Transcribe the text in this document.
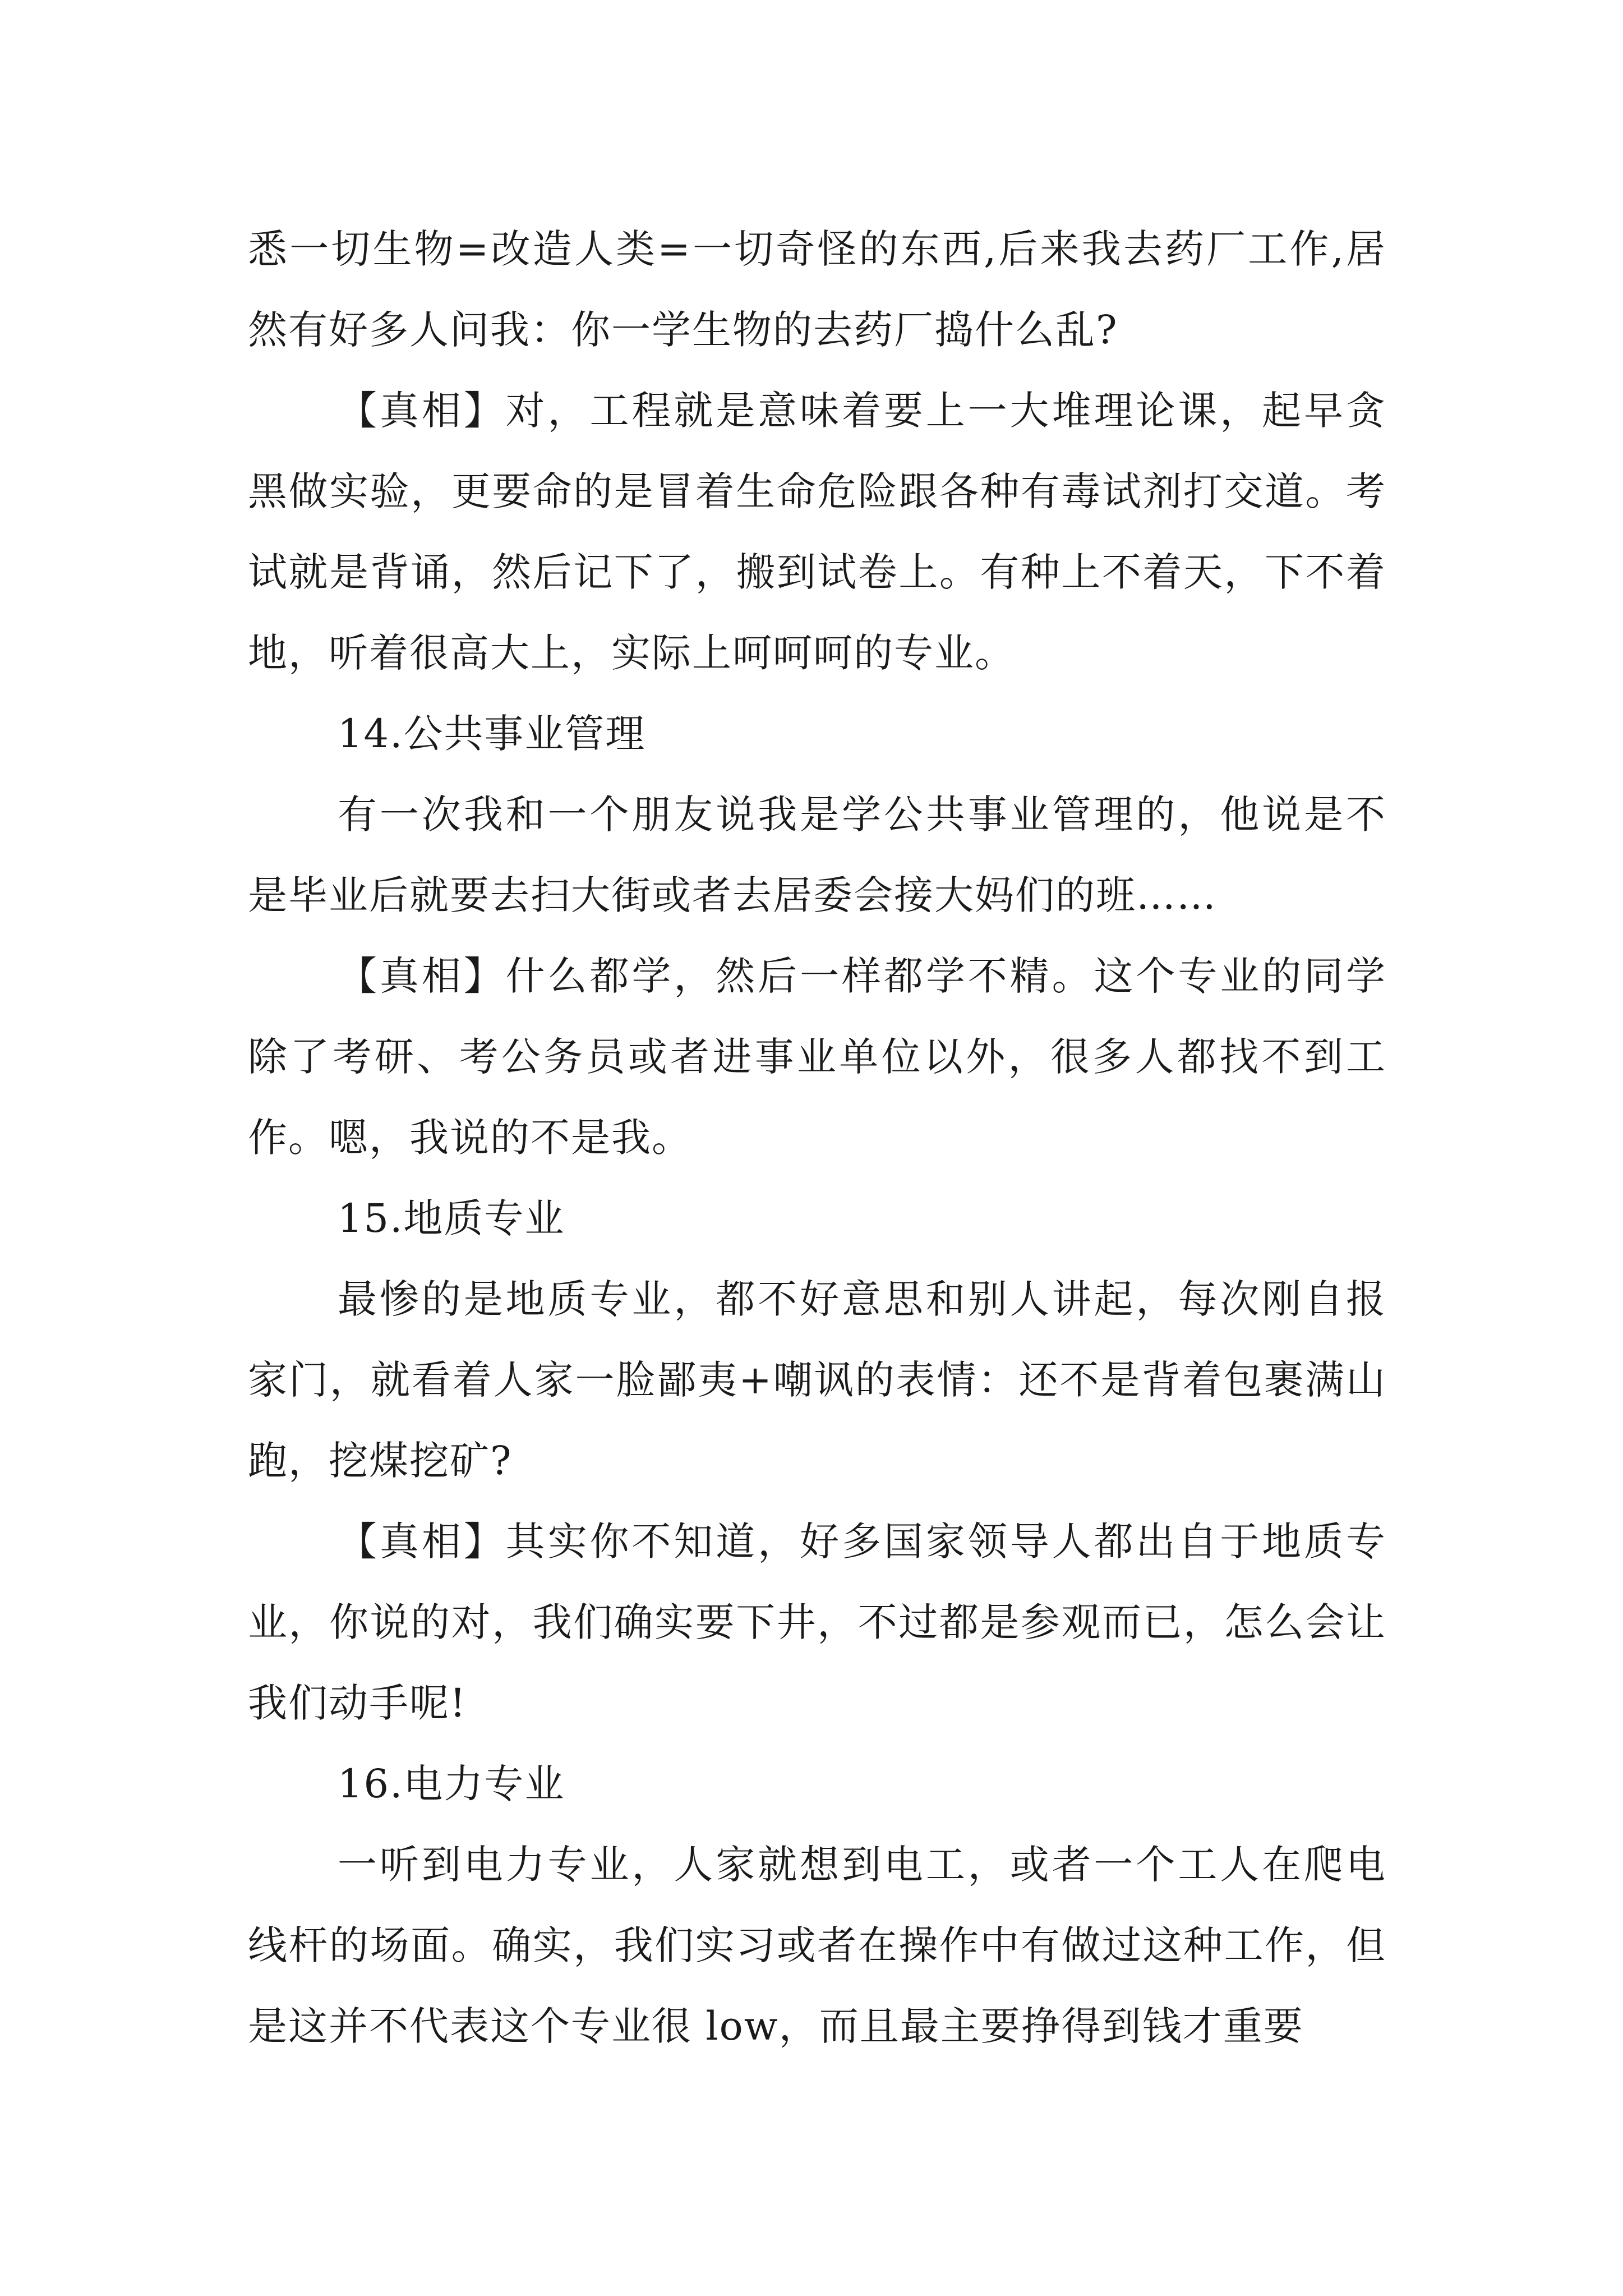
悉一切生物=改造人类=一切奇怪的东西,后来我去药厂工作,居然有好多人问我：你一学生物的去药厂捣什么乱?

【真相】对，工程就是意味着要上一大堆理论课，起早贪黑做实验，更要命的是冒着生命危险跟各种有毒试剂打交道。考试就是背诵，然后记下了，搬到试卷上。有种上不着天，下不着地，听着很高大上，实际上呵呵呵的专业。

14.公共事业管理

有一次我和一个朋友说我是学公共事业管理的，他说是不是毕业后就要去扫大街或者去居委会接大妈们的班……

【真相】什么都学，然后一样都学不精。这个专业的同学除了考研、考公务员或者进事业单位以外，很多人都找不到工作。嗯，我说的不是我。

15.地质专业

最惨的是地质专业，都不好意思和别人讲起，每次刚自报家门，就看着人家一脸鄙夷+嘲讽的表情：还不是背着包裹满山跑，挖煤挖矿?

【真相】其实你不知道，好多国家领导人都出自于地质专业，你说的对，我们确实要下井，不过都是参观而已，怎么会让我们动手呢!

16.电力专业

一听到电力专业，人家就想到电工，或者一个工人在爬电线杆的场面。确实，我们实习或者在操作中有做过这种工作，但是这并不代表这个专业很 low，而且最主要挣得到钱才重要
